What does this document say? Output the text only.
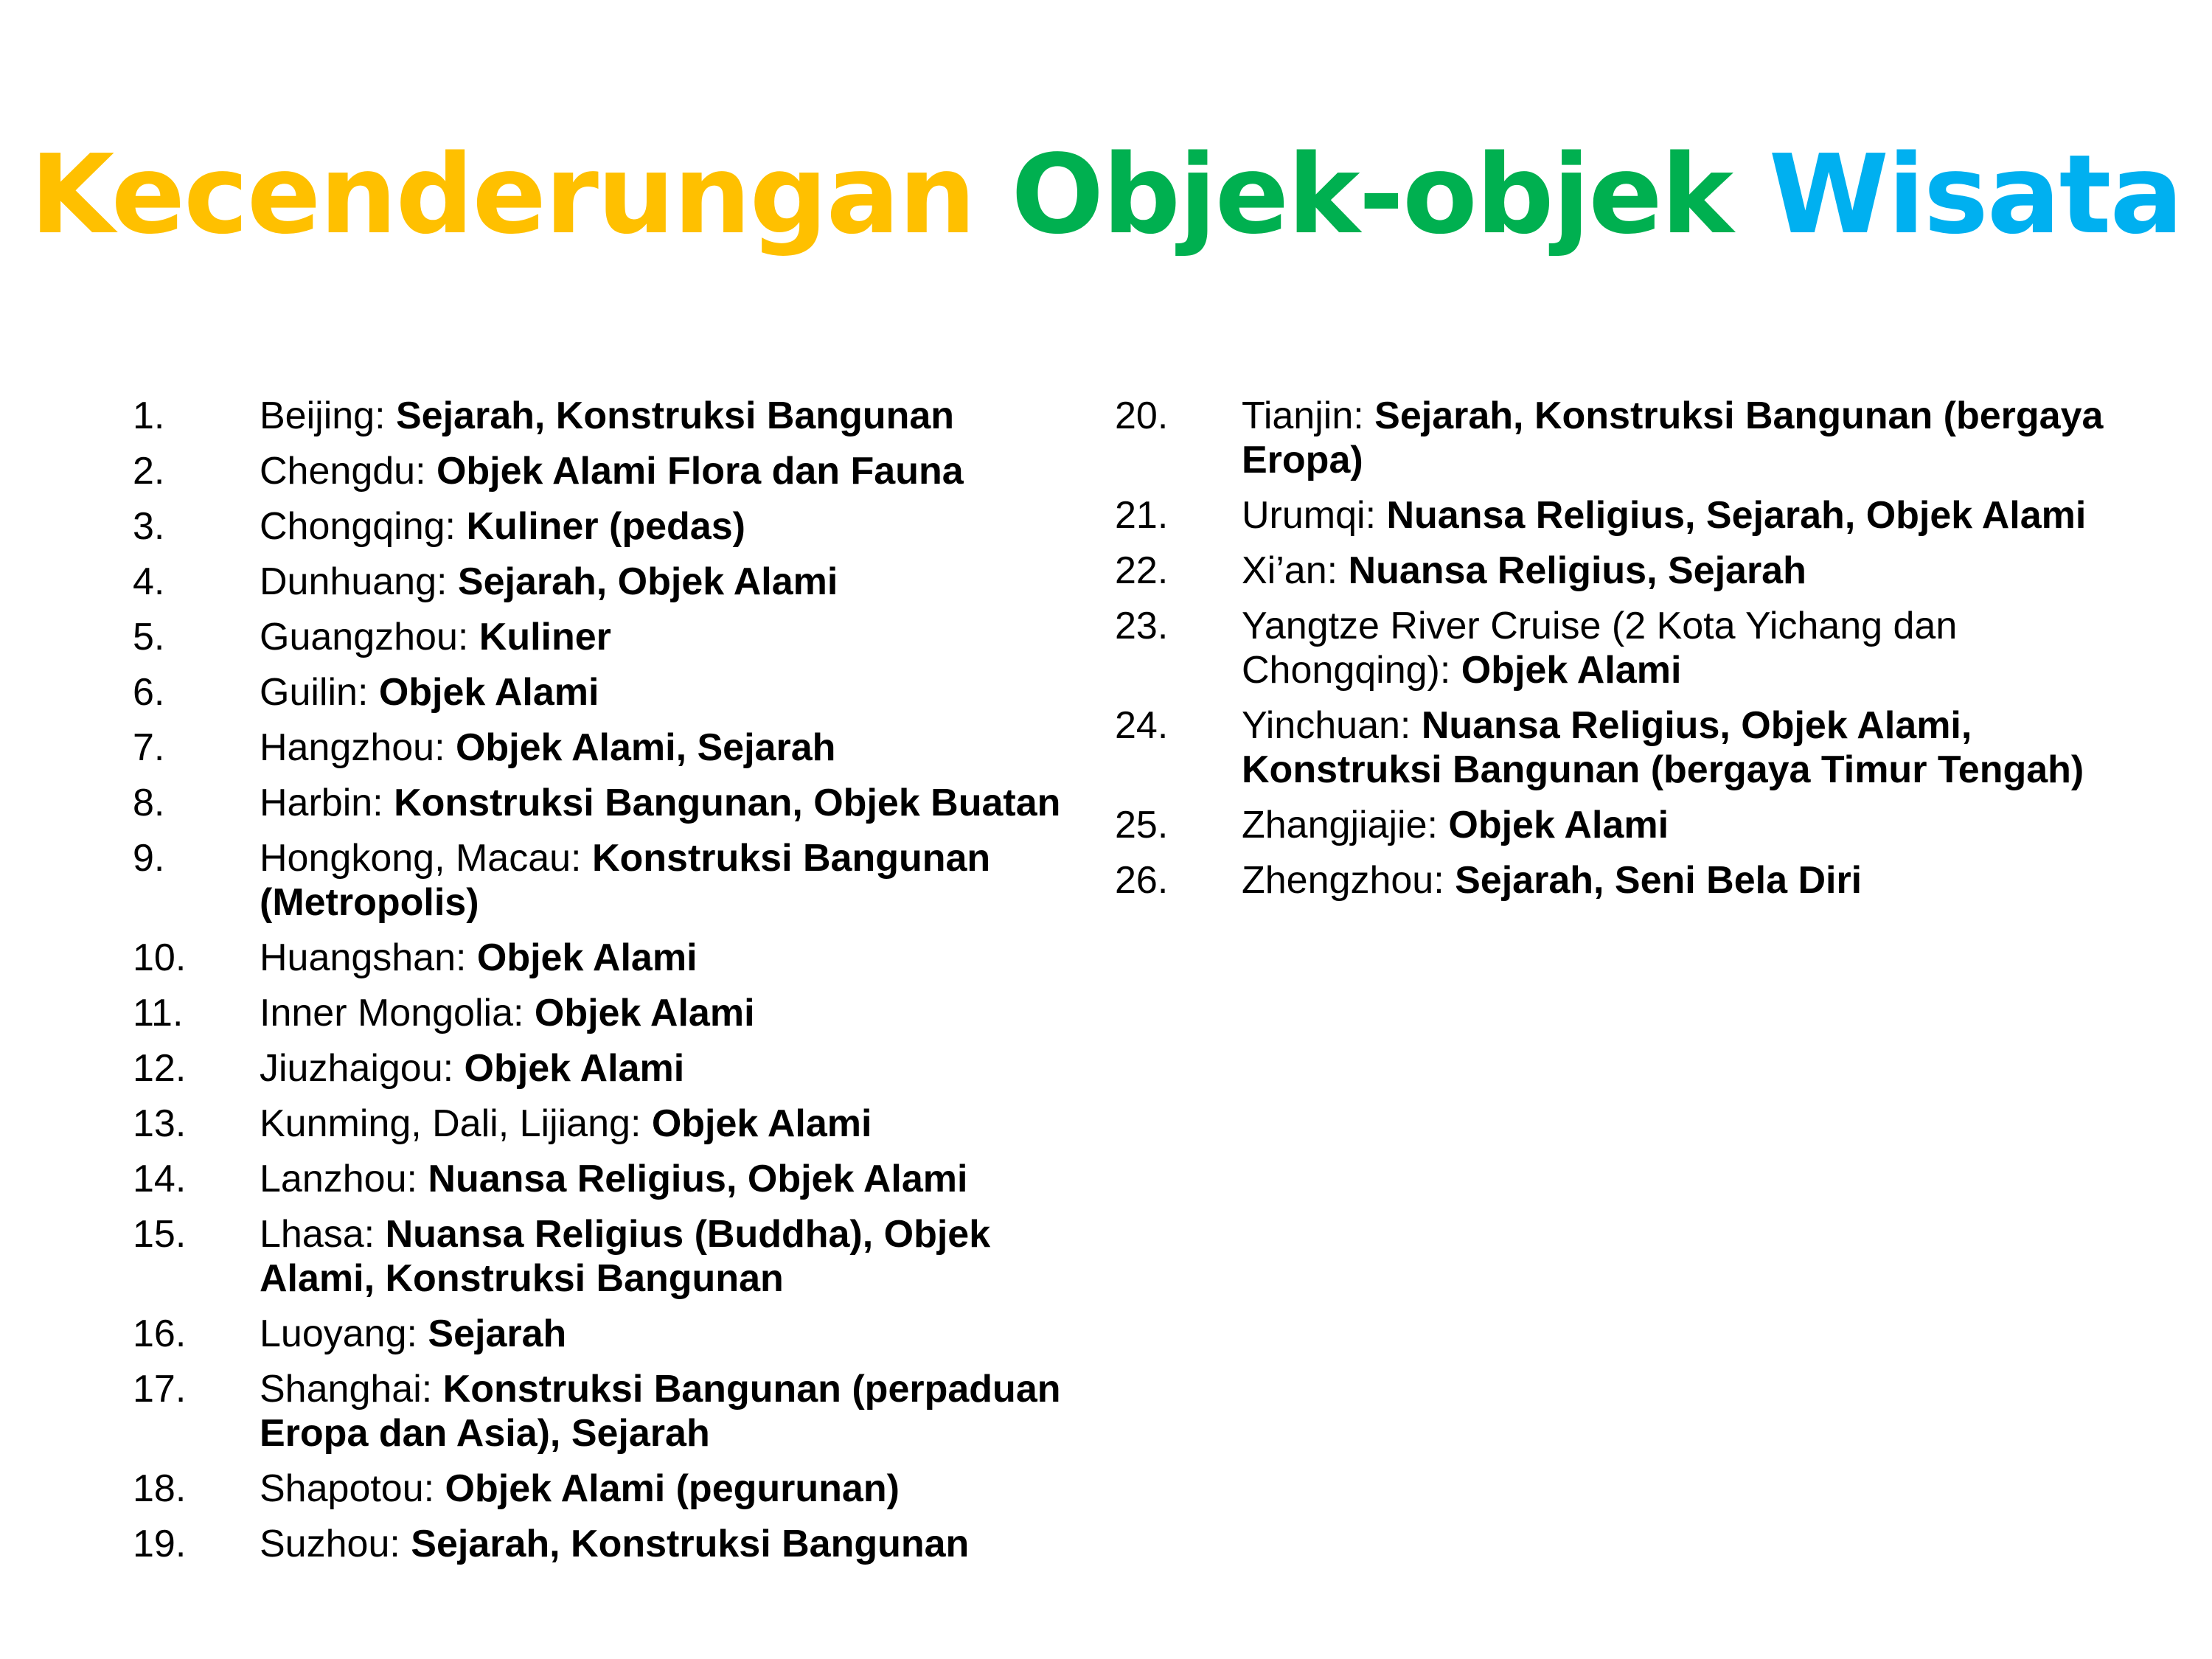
Kecenderungan Objek-objek Wisata
1.	Beijing: Sejarah, Konstruksi Bangunan
2.	Chengdu: Objek Alami Flora dan Fauna
3.	Chongqing: Kuliner (pedas)
4.	Dunhuang: Sejarah, Objek Alami
5.	Guangzhou: Kuliner
6.	Guilin: Objek Alami
7.	Hangzhou: Objek Alami, Sejarah
8.	Harbin: Konstruksi Bangunan, Objek Buatan
9.	Hongkong, Macau: Konstruksi Bangunan (Metropolis)
10.	Huangshan: Objek Alami
11.	Inner Mongolia: Objek Alami
12.	Jiuzhaigou: Objek Alami
13.	Kunming, Dali, Lijiang: Objek Alami
14.	Lanzhou: Nuansa Religius, Objek Alami
15.	Lhasa: Nuansa Religius (Buddha), Objek Alami, Konstruksi Bangunan
16.	Luoyang: Sejarah
17.	Shanghai: Konstruksi Bangunan (perpaduan Eropa dan Asia), Sejarah
18.	Shapotou: Objek Alami (pegurunan)
19.	Suzhou: Sejarah, Konstruksi Bangunan
20.	Tianjin: Sejarah, Konstruksi Bangunan (bergaya Eropa)
21.	Urumqi: Nuansa Religius, Sejarah, Objek Alami
22.	Xi’an: Nuansa Religius, Sejarah
23.	Yangtze River Cruise (2 Kota Yichang dan Chongqing): Objek Alami
24.	Yinchuan: Nuansa Religius, Objek Alami, Konstruksi Bangunan (bergaya Timur Tengah)
25.	Zhangjiajie: Objek Alami
26.	Zhengzhou: Sejarah, Seni Bela Diri
